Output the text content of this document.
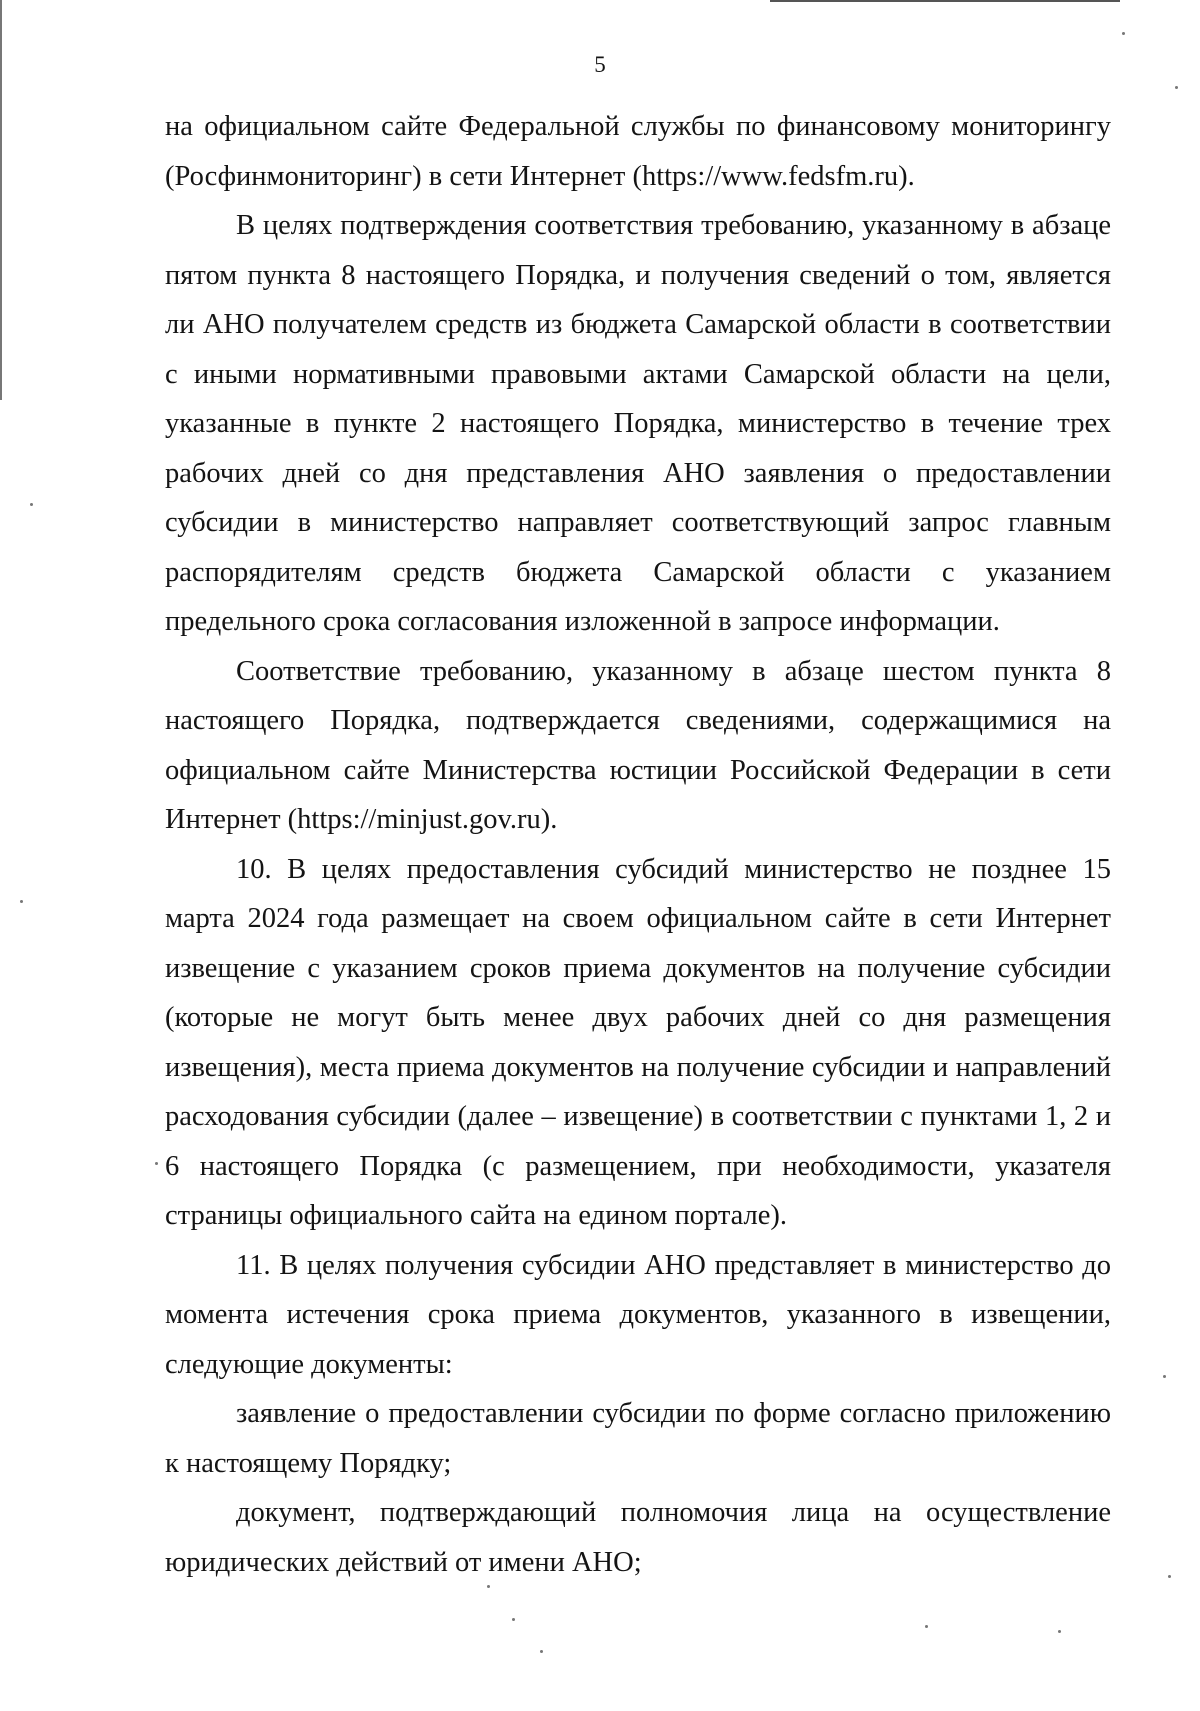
5

на официальном сайте Федеральной службы по финансовому мониторингу (Росфинмониторинг) в сети Интернет (https://www.fedsfm.ru).

В целях подтверждения соответствия требованию, указанному в абзаце пятом пункта 8 настоящего Порядка, и получения сведений о том, является ли АНО получателем средств из бюджета Самарской области в соответствии с иными нормативными правовыми актами Самарской области на цели, указанные в пункте 2 настоящего Порядка, министерство в течение трех рабочих дней со дня представления АНО заявления о предоставлении субсидии в министерство направляет соответствующий запрос главным распорядителям средств бюджета Самарской области с указанием предельного срока согласования изложенной в запросе информации.

Соответствие требованию, указанному в абзаце шестом пункта 8 настоящего Порядка, подтверждается сведениями, содержащимися на официальном сайте Министерства юстиции Российской Федерации в сети Интернет (https://minjust.gov.ru).

10. В целях предоставления субсидий министерство не позднее 15 марта 2024 года размещает на своем официальном сайте в сети Интернет извещение с указанием сроков приема документов на получение субсидии (которые не могут быть менее двух рабочих дней со дня размещения извещения), места приема документов на получение субсидии и направлений расходования субсидии (далее – извещение) в соответствии с пунктами 1, 2 и 6 настоящего Порядка (с размещением, при необходимости, указателя страницы официального сайта на едином портале).

11. В целях получения субсидии АНО представляет в министерство до момента истечения срока приема документов, указанного в извещении, следующие документы:

заявление о предоставлении субсидии по форме согласно приложению к настоящему Порядку;

документ, подтверждающий полномочия лица на осуществление юридических действий от имени АНО;
